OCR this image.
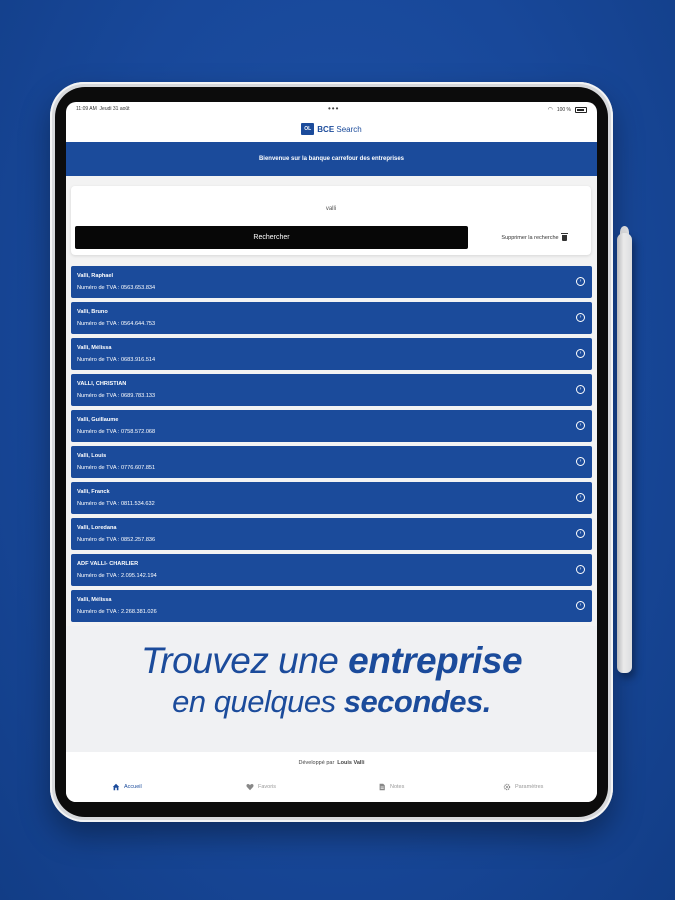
11:09 AM Jeudi 31 août	•••	◠ 100 %
OL BCE Search
Bienvenue sur la banque carrefour des entreprises
valli
Rechercher	Supprimer la recherche
Valli, Raphael
Numéro de TVA : 0563.653.834
›
Valli, Bruno
Numéro de TVA : 0564.644.753
›
Valli, Mélissa
Numéro de TVA : 0683.916.514
›
VALLI, CHRISTIAN
Numéro de TVA : 0689.783.133
›
Valli, Guillaume
Numéro de TVA : 0758.572.068
›
Valli, Louis
Numéro de TVA : 0776.607.851
›
Valli, Franck
Numéro de TVA : 0811.534.632
›
Valli, Loredana
Numéro de TVA : 0852.257.836
›
ADF VALLI- CHARLIER
Numéro de TVA : 2.095.142.194
›
Valli, Mélissa
Numéro de TVA : 2.268.381.026
›
Trouvez une entreprise
en quelques secondes.
Développé par Louis Valli
Accueil	Favoris	Notes	Paramètres
